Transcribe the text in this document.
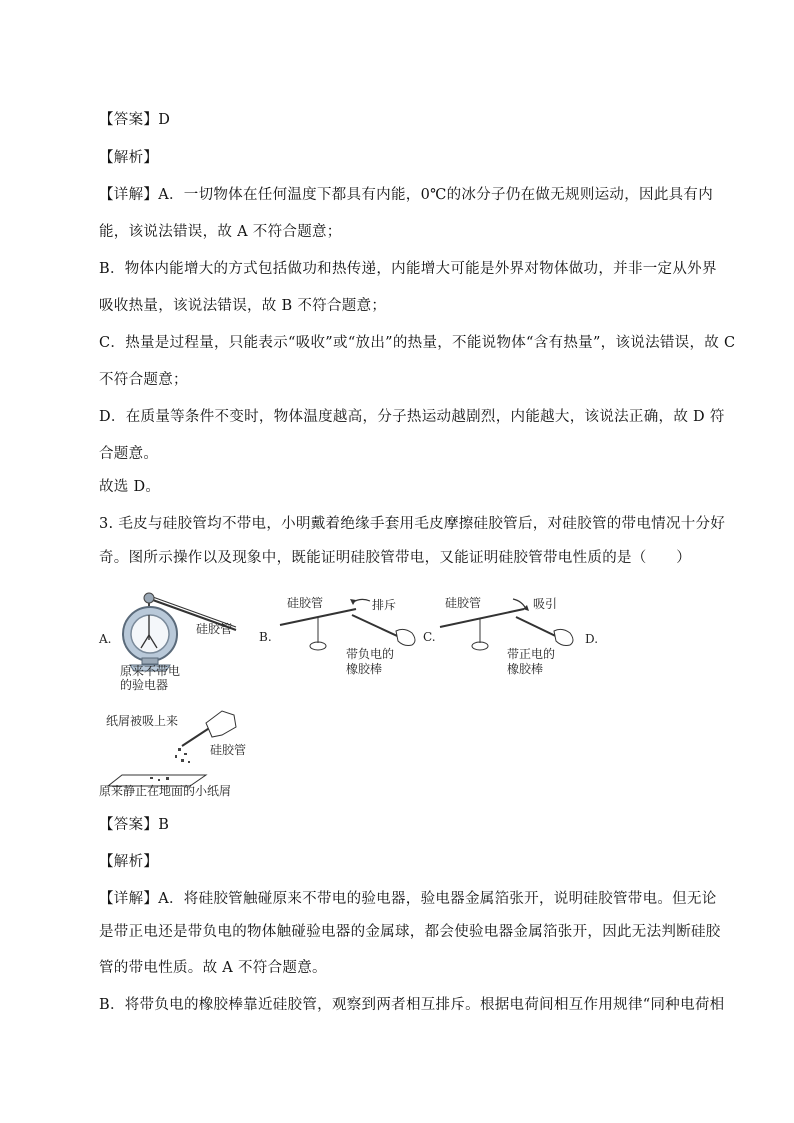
【答案】D
【解析】
【详解】A．一切物体在任何温度下都具有内能，0℃的冰分子仍在做无规则运动，因此具有内
能，该说法错误，故 A 不符合题意；
B．物体内能增大的方式包括做功和热传递，内能增大可能是外界对物体做功，并非一定从外界
吸收热量，该说法错误，故 B 不符合题意；
C．热量是过程量，只能表示“吸收”或“放出”的热量，不能说物体“含有热量”，该说法错误，故 C
不符合题意；
D．在质量等条件不变时，物体温度越高，分子热运动越剧烈，内能越大，该说法正确，故 D 符
合题意。
故选 D。
3. 毛皮与硅胶管均不带电，小明戴着绝缘手套用毛皮摩擦硅胶管后，对硅胶管的带电情况十分好
奇。图所示操作以及现象中，既能证明硅胶管带电，又能证明硅胶管带电性质的是（　　）
A.
硅胶管
原来不带电
的验电器
B.
硅胶管	排斥
带负电的
橡胶棒
C.
硅胶管	吸引
带正电的
橡胶棒
D.
纸屑被吸上来
硅胶管
原来静止在地面的小纸屑
【答案】B
【解析】
【详解】A．将硅胶管触碰原来不带电的验电器，验电器金属箔张开，说明硅胶管带电。但无论
是带正电还是带负电的物体触碰验电器的金属球，都会使验电器金属箔张开，因此无法判断硅胶
管的带电性质。故 A 不符合题意。
B．将带负电的橡胶棒靠近硅胶管，观察到两者相互排斥。根据电荷间相互作用规律“同种电荷相
